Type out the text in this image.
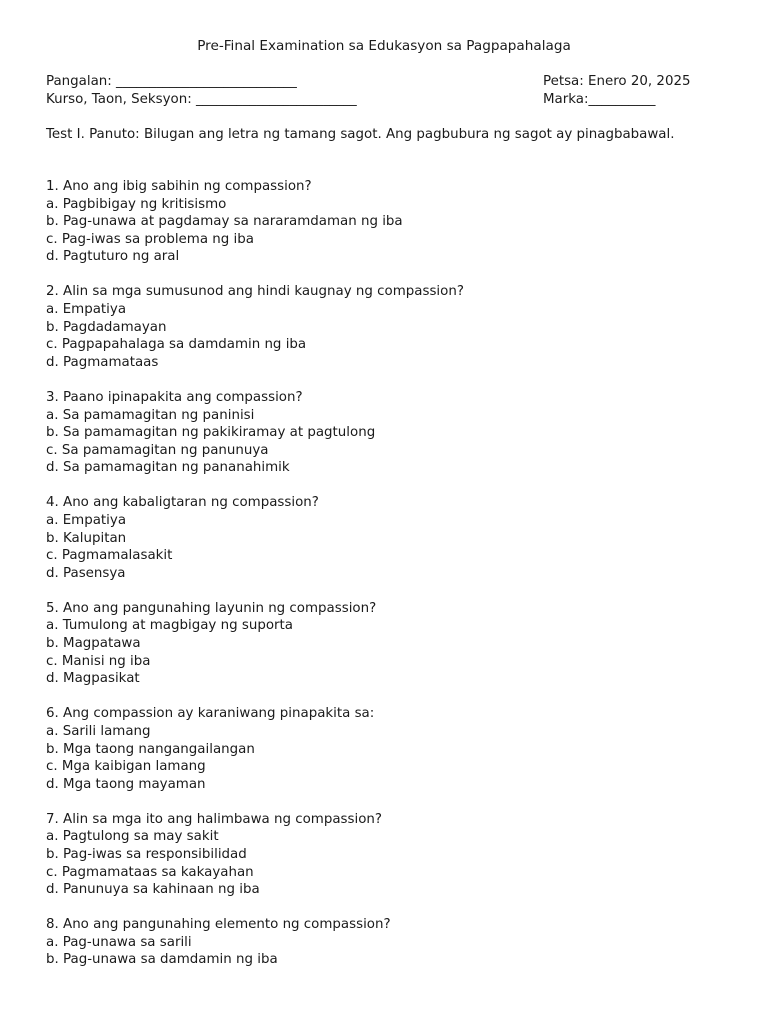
Pre-Final Examination sa Edukasyon sa Pagpapahalaga
Pangalan: ___________________________
Kurso, Taon, Seksyon: ________________________
Petsa: Enero 20, 2025
Marka:__________
Test I. Panuto: Bilugan ang letra ng tamang sagot. Ang pagbubura ng sagot ay pinagbabawal.
1. Ano ang ibig sabihin ng compassion?
a. Pagbibigay ng kritisismo
b. Pag-unawa at pagdamay sa nararamdaman ng iba
c. Pag-iwas sa problema ng iba
d. Pagtuturo ng aral
2. Alin sa mga sumusunod ang hindi kaugnay ng compassion?
a. Empatiya
b. Pagdadamayan
c. Pagpapahalaga sa damdamin ng iba
d. Pagmamataas
3. Paano ipinapakita ang compassion?
a. Sa pamamagitan ng paninisi
b. Sa pamamagitan ng pakikiramay at pagtulong
c. Sa pamamagitan ng panunuya
d. Sa pamamagitan ng pananahimik
4. Ano ang kabaligtaran ng compassion?
a. Empatiya
b. Kalupitan
c. Pagmamalasakit
d. Pasensya
5. Ano ang pangunahing layunin ng compassion?
a. Tumulong at magbigay ng suporta
b. Magpatawa
c. Manisi ng iba
d. Magpasikat
6. Ang compassion ay karaniwang pinapakita sa:
a. Sarili lamang
b. Mga taong nangangailangan
c. Mga kaibigan lamang
d. Mga taong mayaman
7. Alin sa mga ito ang halimbawa ng compassion?
a. Pagtulong sa may sakit
b. Pag-iwas sa responsibilidad
c. Pagmamataas sa kakayahan
d. Panunuya sa kahinaan ng iba
8. Ano ang pangunahing elemento ng compassion?
a. Pag-unawa sa sarili
b. Pag-unawa sa damdamin ng iba
